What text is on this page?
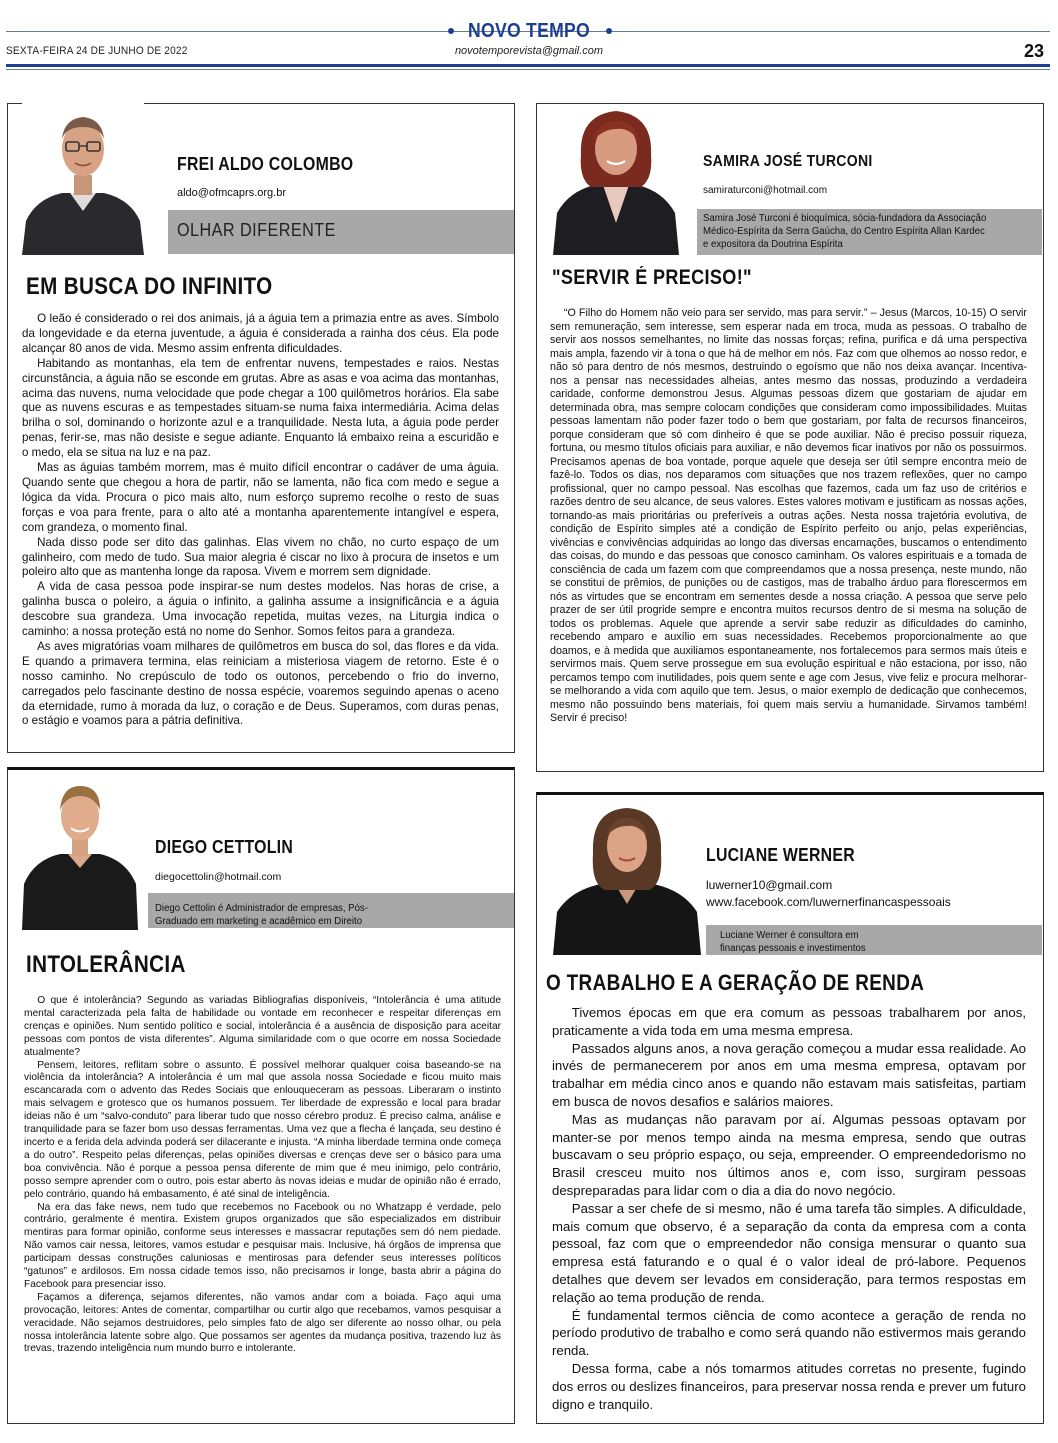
NOVO TEMPO
SEXTA-FEIRA 24 DE JUNHO DE 2022	novotemporevista@gmail.com	23
FREI ALDO COLOMBO
aldo@ofmcaprs.org.br
OLHAR DIFERENTE
EM BUSCA DO INFINITO

O leão é considerado o rei dos animais, já a águia tem a primazia entre as aves. Símbolo da longevidade e da eterna juventude, a águia é considerada a rainha dos céus. Ela pode alcançar 80 anos de vida. Mesmo assim enfrenta dificuldades.

Habitando as montanhas, ela tem de enfrentar nuvens, tempestades e raios. Nestas circunstância, a águia não se esconde em grutas. Abre as asas e voa acima das montanhas, acima das nuvens, numa velocidade que pode chegar a 100 quilômetros horários. Ela sabe que as nuvens escuras e as tempestades situam-se numa faixa intermediária. Acima delas brilha o sol, dominando o horizonte azul e a tranquilidade. Nesta luta, a águia pode perder penas, ferir-se, mas não desiste e segue adiante. Enquanto lá embaixo reina a escuridão e o medo, ela se situa na luz e na paz.

Mas as águias também morrem, mas é muito difícil encontrar o cadáver de uma águia. Quando sente que chegou a hora de partir, não se lamenta, não fica com medo e segue a lógica da vida. Procura o pico mais alto, num esforço supremo recolhe o resto de suas forças e voa para frente, para o alto até a montanha aparentemente intangível e espera, com grandeza, o momento final.

Nada disso pode ser dito das galinhas. Elas vivem no chão, no curto espaço de um galinheiro, com medo de tudo. Sua maior alegria é ciscar no lixo à procura de insetos e um poleiro alto que as mantenha longe da raposa. Vivem e morrem sem dignidade.

A vida de casa pessoa pode inspirar-se num destes modelos. Nas horas de crise, a galinha busca o poleiro, a águia o infinito, a galinha assume a insignificância e a águia descobre sua grandeza. Uma invocação repetida, muitas vezes, na Liturgia indica o caminho: a nossa proteção está no nome do Senhor. Somos feitos para a grandeza.

As aves migratórias voam milhares de quilômetros em busca do sol, das flores e da vida. E quando a primavera termina, elas reiniciam a misteriosa viagem de retorno. Este é o nosso caminho. No crepúsculo de todo os outonos, percebendo o frio do inverno, carregados pelo fascinante destino de nossa espécie, voaremos seguindo apenas o aceno da eternidade, rumo à morada da luz, o coração e de Deus. Superamos, com duras penas, o estágio e voamos para a pátria definitiva.

SAMIRA JOSÉ TURCONI
samiraturconi@hotmail.com
Samira José Turconi é bioquímica, sócia-fundadora da Associação Médico-Espírita da Serra Gaúcha, do Centro Espírita Allan Kardec e expositora da Doutrina Espírita
"SERVIR É PRECISO!"

“O Filho do Homem não veio para ser servido, mas para servir.” – Jesus (Marcos, 10-15) O servir sem remuneração, sem interesse, sem esperar nada em troca, muda as pessoas. O trabalho de servir aos nossos semelhantes, no limite das nossas forças; refina, purifica e dá uma perspectiva mais ampla, fazendo vir à tona o que há de melhor em nós. Faz com que olhemos ao nosso redor, e não só para dentro de nós mesmos, destruindo o egoísmo que não nos deixa avançar. Incentiva-nos a pensar nas necessidades alheias, antes mesmo das nossas, produzindo a verdadeira caridade, conforme demonstrou Jesus. Algumas pessoas dizem que gostariam de ajudar em determinada obra, mas sempre colocam condições que consideram como impossibilidades. Muitas pessoas lamentam não poder fazer todo o bem que gostariam, por falta de recursos financeiros, porque consideram que só com dinheiro é que se pode auxiliar. Não é preciso possuir riqueza, fortuna, ou mesmo títulos oficiais para auxiliar, e não devemos ficar inativos por não os possuirmos. Precisamos apenas de boa vontade, porque aquele que deseja ser útil sempre encontra meio de fazê-lo. Todos os dias, nos deparamos com situações que nos trazem reflexões, quer no campo profissional, quer no campo pessoal. Nas escolhas que fazemos, cada um faz uso de critérios e razões dentro de seu alcance, de seus valores. Estes valores motivam e justificam as nossas ações, tornando-as mais prioritárias ou preferíveis a outras ações. Nesta nossa trajetória evolutiva, de condição de Espírito simples até a condição de Espírito perfeito ou anjo, pelas experiências, vivências e convivências adquiridas ao longo das diversas encarnações, buscamos o entendimento das coisas, do mundo e das pessoas que conosco caminham. Os valores espirituais e a tomada de consciência de cada um fazem com que compreendamos que a nossa presença, neste mundo, não se constitui de prêmios, de punições ou de castigos, mas de trabalho árduo para florescermos em nós as virtudes que se encontram em sementes desde a nossa criação. A pessoa que serve pelo prazer de ser útil progride sempre e encontra muitos recursos dentro de si mesma na solução de todos os problemas. Aquele que aprende a servir sabe reduzir as dificuldades do caminho, recebendo amparo e auxílio em suas necessidades. Recebemos proporcionalmente ao que doamos, e à medida que auxiliamos espontaneamente, nos fortalecemos para sermos mais úteis e servirmos mais. Quem serve prossegue em sua evolução espiritual e não estaciona, por isso, não percamos tempo com inutilidades, pois quem sente e age com Jesus, vive feliz e procura melhorar-se melhorando a vida com aquilo que tem. Jesus, o maior exemplo de dedicação que conhecemos, mesmo não possuindo bens materiais, foi quem mais serviu a humanidade. Sirvamos também! Servir é preciso!

DIEGO CETTOLIN
diegocettolin@hotmail.com
Diego Cettolin é Administrador de empresas, Pós-Graduado em marketing e acadêmico em Direito
INTOLERÂNCIA

O que é intolerância? Segundo as variadas Bibliografias disponíveis, “Intolerância é uma atitude mental caracterizada pela falta de habilidade ou vontade em reconhecer e respeitar diferenças em crenças e opiniões. Num sentido político e social, intolerância é a ausência de disposição para aceitar pessoas com pontos de vista diferentes”. Alguma similaridade com o que ocorre em nossa Sociedade atualmente?

Pensem, leitores, reflitam sobre o assunto. É possível melhorar qualquer coisa baseando-se na violência da intolerância? A intolerância é um mal que assola nossa Sociedade e ficou muito mais escancarada com o advento das Redes Sociais que enlouqueceram as pessoas. Liberaram o instinto mais selvagem e grotesco que os humanos possuem. Ter liberdade de expressão e local para bradar ideias não é um “salvo-conduto” para liberar tudo que nosso cérebro produz. É preciso calma, análise e tranquilidade para se fazer bom uso dessas ferramentas. Uma vez que a flecha é lançada, seu destino é incerto e a ferida dela advinda poderá ser dilacerante e injusta. “A minha liberdade termina onde começa a do outro”. Respeito pelas diferenças, pelas opiniões diversas e crenças deve ser o básico para uma boa convivência. Não é porque a pessoa pensa diferente de mim que é meu inimigo, pelo contrário, posso sempre aprender com o outro, pois estar aberto às novas ideias e mudar de opinião não é errado, pelo contrário, quando há embasamento, é até sinal de inteligência.

Na era das fake news, nem tudo que recebemos no Facebook ou no Whatzapp é verdade, pelo contrário, geralmente é mentira. Existem grupos organizados que são especializados em distribuir mentiras para formar opinião, conforme seus interesses e massacrar reputações sem dó nem piedade. Não vamos cair nessa, leitores, vamos estudar e pesquisar mais. Inclusive, há órgãos de imprensa que participam dessas construções caluniosas e mentirosas para defender seus interesses políticos “gatunos” e ardilosos. Em nossa cidade temos isso, não precisamos ir longe, basta abrir a página do Facebook para presenciar isso.

Façamos a diferença, sejamos diferentes, não vamos andar com a boiada. Faço aqui uma provocação, leitores: Antes de comentar, compartilhar ou curtir algo que recebamos, vamos pesquisar a veracidade. Não sejamos destruidores, pelo simples fato de algo ser diferente ao nosso olhar, ou pela nossa intolerância latente sobre algo. Que possamos ser agentes da mudança positiva, trazendo luz às trevas, trazendo inteligência num mundo burro e intolerante.

LUCIANE WERNER
luwerner10@gmail.com
www.facebook.com/luwernerfinancaspessoais
Luciane Werner é consultora em finanças pessoais e investimentos
O TRABALHO E A GERAÇÃO DE RENDA

Tivemos épocas em que era comum as pessoas trabalharem por anos, praticamente a vida toda em uma mesma empresa.

Passados alguns anos, a nova geração começou a mudar essa realidade. Ao invés de permanecerem por anos em uma mesma empresa, optavam por trabalhar em média cinco anos e quando não estavam mais satisfeitas, partiam em busca de novos desafios e salários maiores.

Mas as mudanças não paravam por aí. Algumas pessoas optavam por manter-se por menos tempo ainda na mesma empresa, sendo que outras buscavam o seu próprio espaço, ou seja, empreender. O empreendedorismo no Brasil cresceu muito nos últimos anos e, com isso, surgiram pessoas despreparadas para lidar com o dia a dia do novo negócio.

Passar a ser chefe de si mesmo, não é uma tarefa tão simples. A dificuldade, mais comum que observo, é a separação da conta da empresa com a conta pessoal, faz com que o empreendedor não consiga mensurar o quanto sua empresa está faturando e o qual é o valor ideal de pró-labore. Pequenos detalhes que devem ser levados em consideração, para termos respostas em relação ao tema produção de renda.

É fundamental termos ciência de como acontece a geração de renda no período produtivo de trabalho e como será quando não estivermos mais gerando renda.

Dessa forma, cabe a nós tomarmos atitudes corretas no presente, fugindo dos erros ou deslizes financeiros, para preservar nossa renda e prever um futuro digno e tranquilo.
